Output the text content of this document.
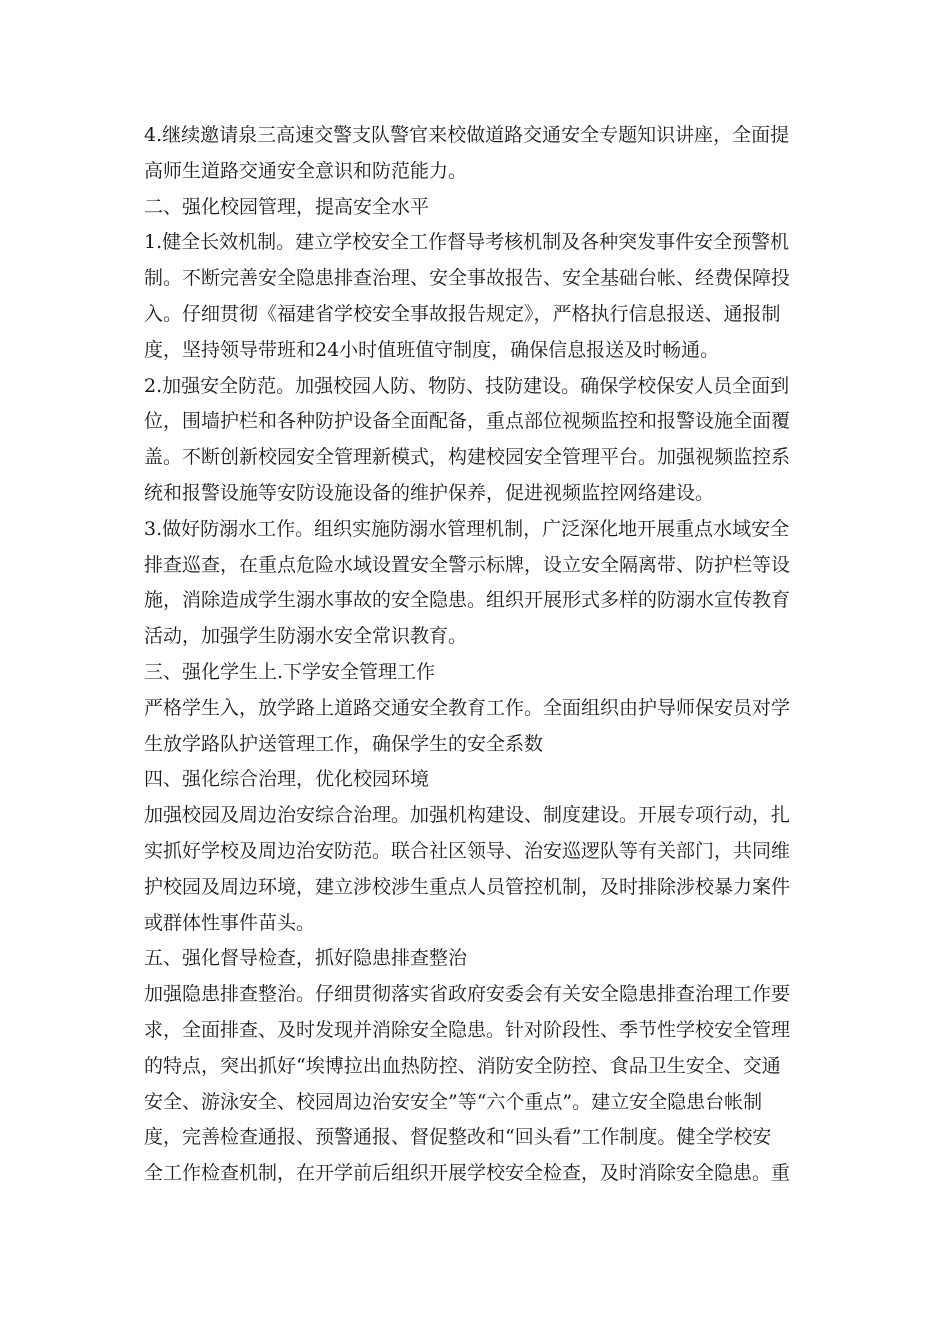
4.继续邀请泉三高速交警支队警官来校做道路交通安全专题知识讲座，全面提
高师生道路交通安全意识和防范能力。

二、强化校园管理，提高安全水平

1.健全长效机制。建立学校安全工作督导考核机制及各种突发事件安全预警机
制。不断完善安全隐患排查治理、安全事故报告、安全基础台帐、经费保障投
入。仔细贯彻《福建省学校安全事故报告规定》，严格执行信息报送、通报制
度，坚持领导带班和24小时值班值守制度，确保信息报送及时畅通。

2.加强安全防范。加强校园人防、物防、技防建设。确保学校保安人员全面到
位，围墙护栏和各种防护设备全面配备，重点部位视频监控和报警设施全面覆
盖。不断创新校园安全管理新模式，构建校园安全管理平台。加强视频监控系
统和报警设施等安防设施设备的维护保养，促进视频监控网络建设。

3.做好防溺水工作。组织实施防溺水管理机制，广泛深化地开展重点水域安全
排查巡查，在重点危险水域设置安全警示标牌，设立安全隔离带、防护栏等设
施，消除造成学生溺水事故的安全隐患。组织开展形式多样的防溺水宣传教育
活动，加强学生防溺水安全常识教育。

三、强化学生上.下学安全管理工作

严格学生入，放学路上道路交通安全教育工作。全面组织由护导师保安员对学
生放学路队护送管理工作，确保学生的安全系数

四、强化综合治理，优化校园环境

加强校园及周边治安综合治理。加强机构建设、制度建设。开展专项行动，扎
实抓好学校及周边治安防范。联合社区领导、治安巡逻队等有关部门，共同维
护校园及周边环境，建立涉校涉生重点人员管控机制，及时排除涉校暴力案件
或群体性事件苗头。

五、强化督导检查，抓好隐患排查整治

加强隐患排查整治。仔细贯彻落实省政府安委会有关安全隐患排查治理工作要
求，全面排查、及时发现并消除安全隐患。针对阶段性、季节性学校安全管理
的特点，突出抓好“埃博拉出血热防控、消防安全防控、食品卫生安全、交通
安全、游泳安全、校园周边治安安全”等“六个重点”。建立安全隐患台帐制
度，完善检查通报、预警通报、督促整改和“回头看”工作制度。健全学校安
全工作检查机制，在开学前后组织开展学校安全检查，及时消除安全隐患。重
